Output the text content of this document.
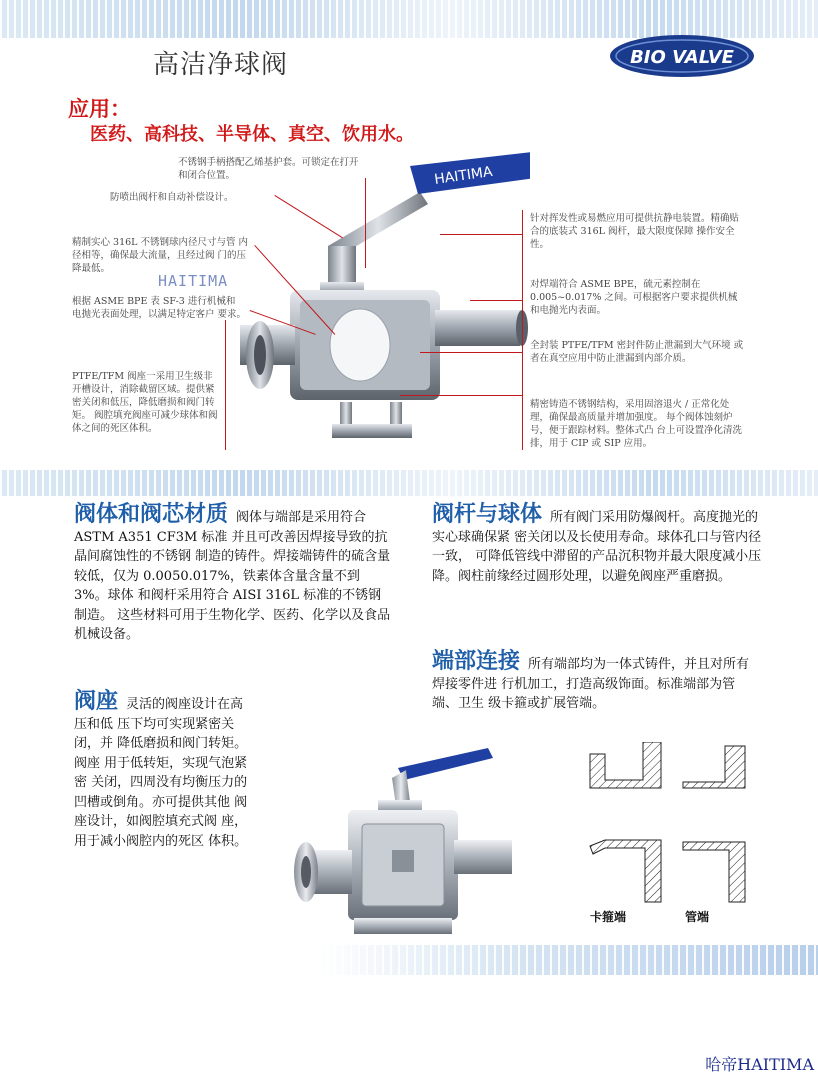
高洁净球阀	BIO VALVE
应用：
医药、高科技、半导体、真空、饮用水。
不锈钢手柄搭配乙烯基护套。可锁定在打开和闭合位置。
防喷出阀杆和自动补偿设计。
精制实心 316L 不锈钢球内径尺寸与管 内径相等，确保最大流量，且经过阀 门的压降最低。
HAITIMA
根据 ASME BPE 表 SF-3 进行机械和 电抛光表面处理，以满足特定客户 要求。
PTFE/TFM 阀座一采用卫生级非 开槽设计，消除截留区域。提供紧密关闭和低压，降低磨损和阀门转矩。 阀腔填充阀座可减少球体和阀 体之间的死区体积。
针对挥发性或易燃应用可提供抗静电装置。精确贴合的底装式 316L 阀杆，最大限度保障 操作安全性。
对焊端符合 ASME BPE，硫元素控制在 0.005~0.017% 之间。可根据客户要求提供机械和电抛光内表面。
全封装 PTFE/TFM 密封件防止泄漏到大气环境 或者在真空应用中防止泄漏到内部介质。
精密铸造不锈钢结构，采用固溶退火 / 正常化处理，确保最高质量并增加强度。 每个阀体蚀刻炉号，便于跟踪材料。整体式凸 台上可设置净化清洗排，用于 CIP 或 SIP 应用。
HAITIMA
阀体和阀芯材质 阀体与端部是采用符合 ASTM A351 CF3M 标准 并且可改善因焊接导致的抗晶间腐蚀性的不锈钢 制造的铸件。焊接端铸件的硫含量较低，仅为 0.0050.017%，铁素体含量含量不到 3%。球体 和阀杆采用符合 AISI 316L 标准的不锈钢制造。 这些材料可用于生物化学、医药、化学以及食品 机械设备。
阀杆与球体 所有阀门采用防爆阀杆。高度抛光的实心球确保紧 密关闭以及长使用寿命。球体孔口与管内径一致， 可降低管线中滞留的产品沉积物并最大限度减小压 降。阀柱前缘经过圆形处理，以避免阀座严重磨损。
端部连接 所有端部均为一体式铸件，并且对所有焊接零件进 行机加工，打造高级饰面。标准端部为管端、卫生 级卡箍或扩展管端。
阀座 灵活的阀座设计在高压和低 压下均可实现紧密关闭，并 降低磨损和阀门转矩。阀座 用于低转矩，实现气泡紧密 关闭，四周没有均衡压力的 凹槽或倒角。亦可提供其他 阀座设计，如阀腔填充式阀 座，用于减小阀腔内的死区 体积。
卡箍端	管端
哈帝HAITIMA
